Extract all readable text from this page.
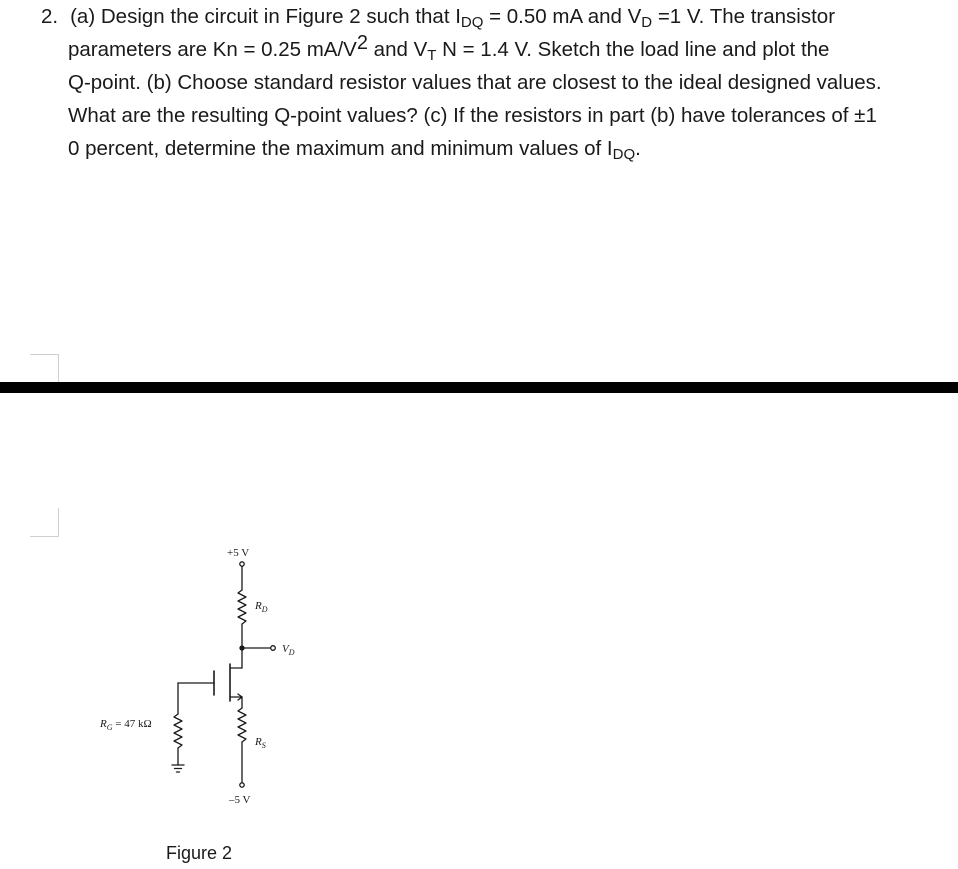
2. (a) Design the circuit in Figure 2 such that IDQ = 0.50 mA and VD =1 V. The transistor
parameters are Kn = 0.25 mA/V2 and VT N = 1.4 V. Sketch the load line and plot the
Q-point. (b) Choose standard resistor values that are closest to the ideal designed values.
What are the resulting Q-point values? (c) If the resistors in part (b) have tolerances of ±1
0 percent, determine the maximum and minimum values of IDQ.
+5 V
$R_D$
$V_D$
$R_S$
$R_G = 47$ kΩ
–5 V
Figure 2
